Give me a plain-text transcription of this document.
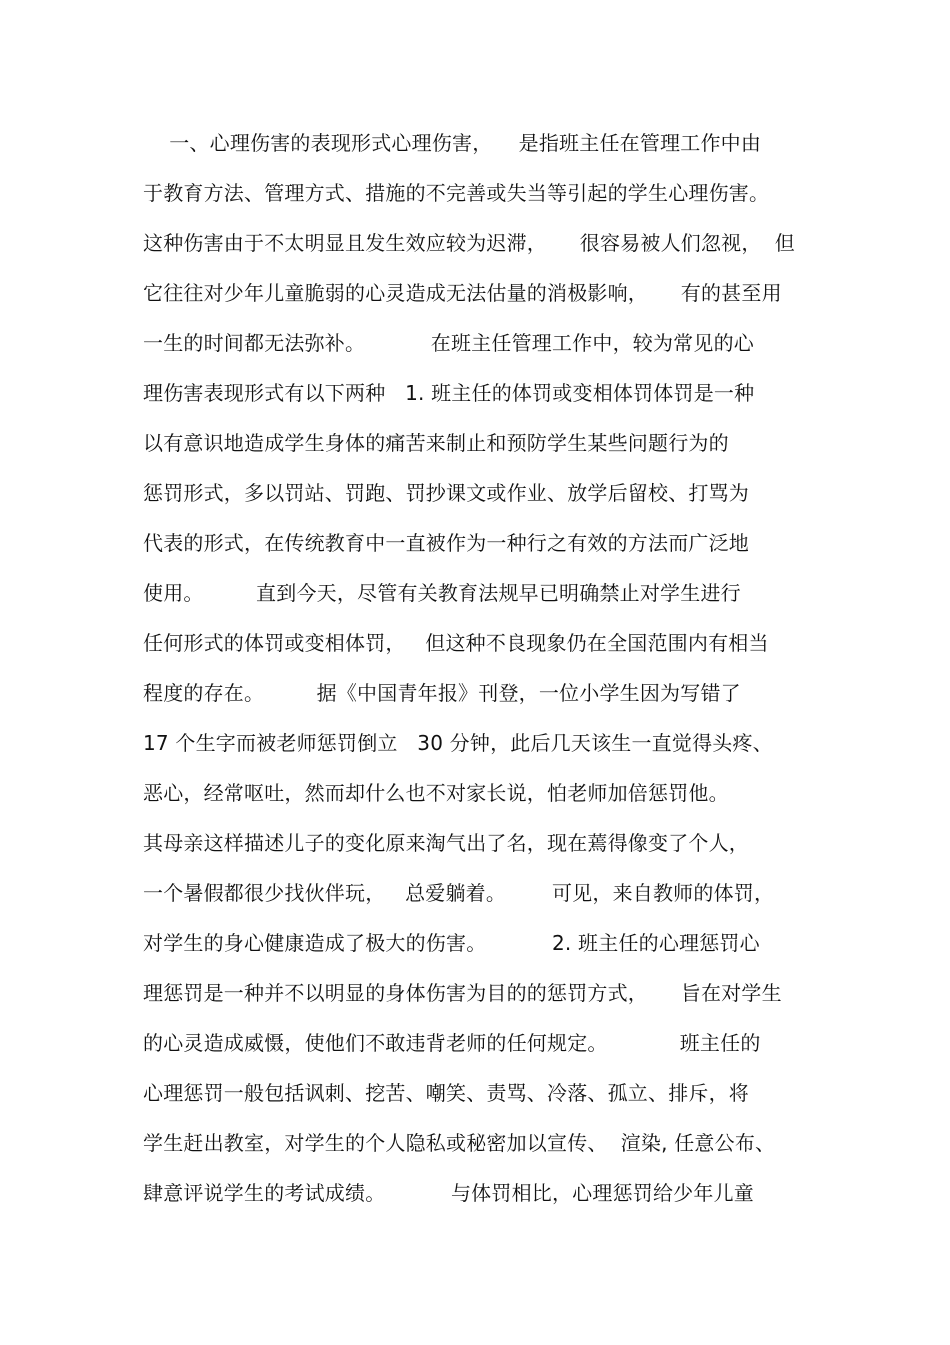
一、心理伤害的表现形式心理伤害，    是指班主任在管理工作中由
于教育方法、管理方式、措施的不完善或失当等引起的学生心理伤害。
这种伤害由于不太明显且发生效应较为迟滞，     很容易被人们忽视，  但
它往往对少年儿童脆弱的心灵造成无法估量的消极影响，     有的甚至用
一生的时间都无法弥补。          在班主任管理工作中，较为常见的心
理伤害表现形式有以下两种   1. 班主任的体罚或变相体罚体罚是一种
以有意识地造成学生身体的痛苦来制止和预防学生某些问题行为的
惩罚形式，多以罚站、罚跑、罚抄课文或作业、放学后留校、打骂为
代表的形式，在传统教育中一直被作为一种行之有效的方法而广泛地
使用。        直到今天，尽管有关教育法规早已明确禁止对学生进行
任何形式的体罚或变相体罚，   但这种不良现象仍在全国范围内有相当
程度的存在。        据《中国青年报》刊登，一位小学生因为写错了
17 个生字而被老师惩罚倒立   30 分钟，此后几天该生一直觉得头疼、
恶心，经常呕吐，然而却什么也不对家长说，怕老师加倍惩罚他。
其母亲这样描述儿子的变化原来淘气出了名，现在蔫得像变了个人，
一个暑假都很少找伙伴玩，   总爱躺着。       可见，来自教师的体罚，
对学生的身心健康造成了极大的伤害。          2. 班主任的心理惩罚心
理惩罚是一种并不以明显的身体伤害为目的的惩罚方式，     旨在对学生
的心灵造成威慑，使他们不敢违背老师的任何规定。           班主任的
心理惩罚一般包括讽刺、挖苦、嘲笑、责骂、冷落、孤立、排斥，将
学生赶出教室，对学生的个人隐私或秘密加以宣传、  渲染, 任意公布、
肆意评说学生的考试成绩。          与体罚相比，心理惩罚给少年儿童
